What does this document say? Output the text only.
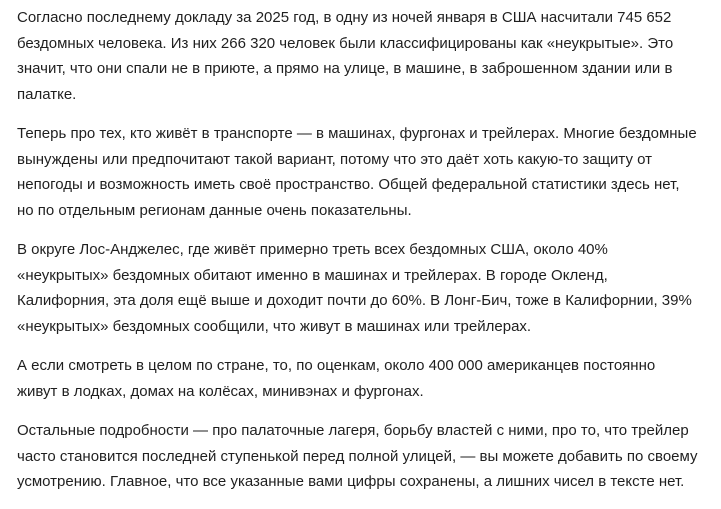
Согласно последнему докладу за 2025 год, в одну из ночей января в США насчитали 745 652
бездомных человека. Из них 266 320 человек были классифицированы как «неукрытые». Это
значит, что они спали не в приюте, а прямо на улице, в машине, в заброшенном здании или в
палатке.

Теперь про тех, кто живёт в транспорте — в машинах, фургонах и трейлерах. Многие бездомные
вынуждены или предпочитают такой вариант, потому что это даёт хоть какую-то защиту от
непогоды и возможность иметь своё пространство. Общей федеральной статистики здесь нет,
но по отдельным регионам данные очень показательны.

В округе Лос-Анджелес, где живёт примерно треть всех бездомных США, около 40%
«неукрытых» бездомных обитают именно в машинах и трейлерах. В городе Окленд,
Калифорния, эта доля ещё выше и доходит почти до 60%. В Лонг-Бич, тоже в Калифорнии, 39%
«неукрытых» бездомных сообщили, что живут в машинах или трейлерах.

А если смотреть в целом по стране, то, по оценкам, около 400 000 американцев постоянно
живут в лодках, домах на колёсах, минивэнах и фургонах.

Остальные подробности — про палаточные лагеря, борьбу властей с ними, про то, что трейлер
часто становится последней ступенькой перед полной улицей, — вы можете добавить по своему
усмотрению. Главное, что все указанные вами цифры сохранены, а лишних чисел в тексте нет.
